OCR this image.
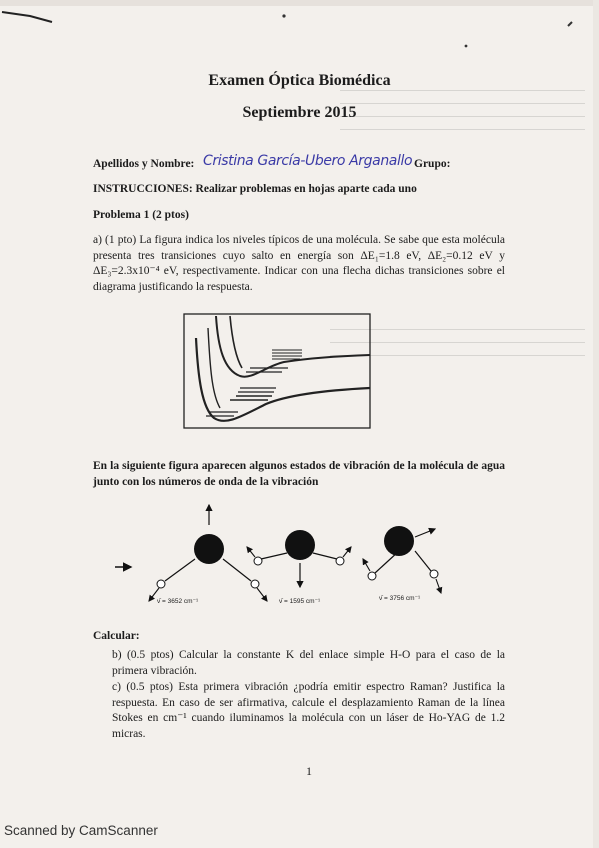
Examen Óptica Biomédica
Septiembre 2015
Apellidos y Nombre: Cristina García-Ubero Arganallo Grupo:
INSTRUCCIONES: Realizar problemas en hojas aparte cada uno
Problema 1 (2 ptos)
a) (1 pto) La figura indica los niveles típicos de una molécula. Se sabe que esta molécula presenta tres transiciones cuyo salto en energía son ΔE₁=1.8 eV, ΔE₂=0.12 eV y ΔE₃=2.3x10⁻⁴ eV, respectivamente. Indicar con una flecha dichas transiciones sobre el diagrama justificando la respuesta.
En la siguiente figura aparecen algunos estados de vibración de la molécula de agua junto con los números de onda de la vibración
ν̄ = 3652 cm⁻¹	ν̄ = 1595 cm⁻¹	ν̄ = 3756 cm⁻¹
Calcular:
b) (0.5 ptos) Calcular la constante K del enlace simple H-O para el caso de la primera vibración.
c) (0.5 ptos) Esta primera vibración ¿podría emitir espectro Raman? Justifica la respuesta. En caso de ser afirmativa, calcule el desplazamiento Raman de la línea Stokes en cm⁻¹ cuando iluminamos la molécula con un láser de Ho-YAG de 1.2 micras.
1
Scanned by CamScanner
